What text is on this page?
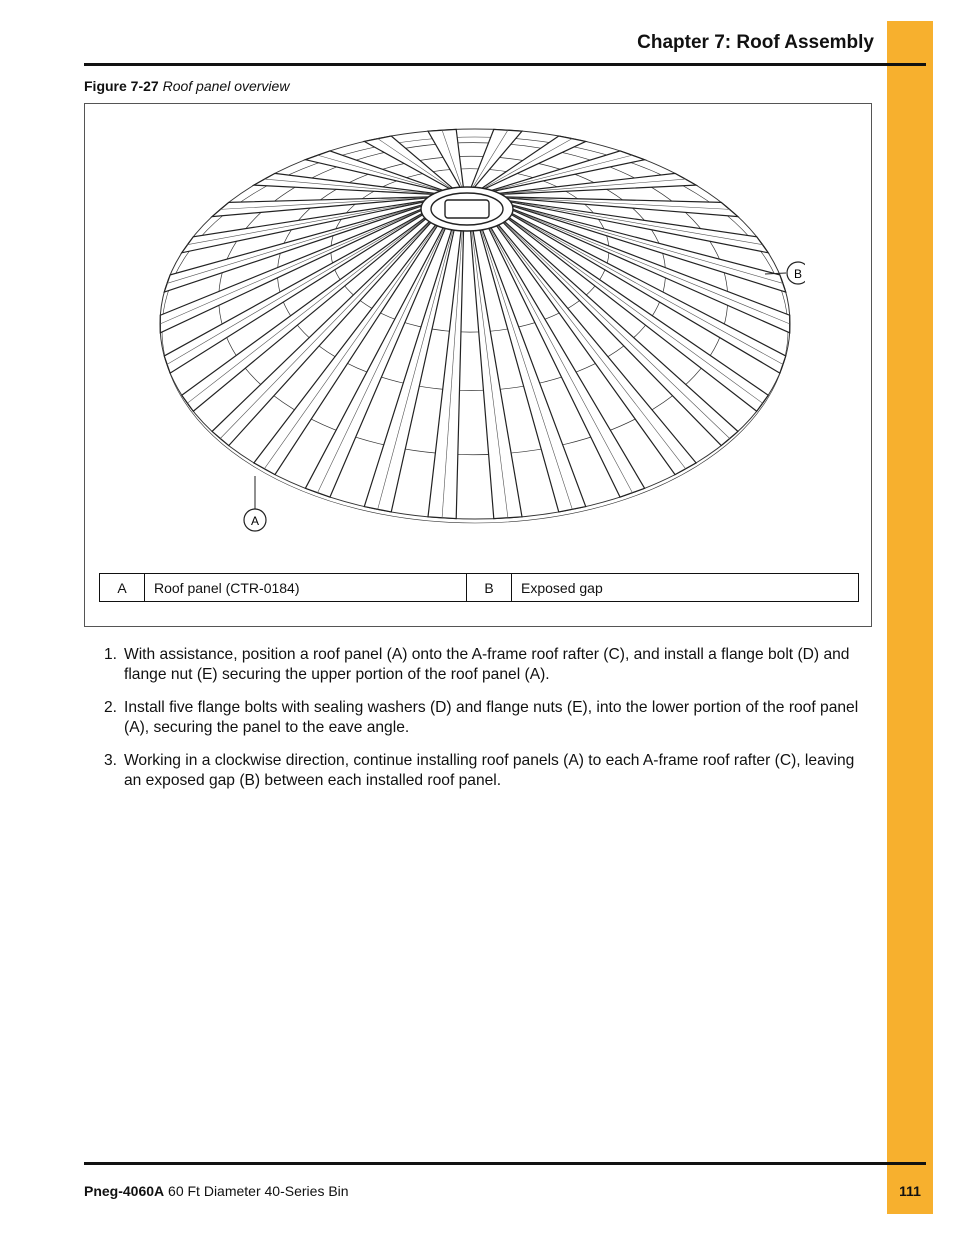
Chapter 7: Roof Assembly
Figure 7-27 Roof panel overview
A
B
A	Roof panel (CTR-0184)	B	Exposed gap
1. With assistance, position a roof panel (A) onto the A-frame roof rafter (C), and install a flange bolt (D) and flange nut (E) securing the upper portion of the roof panel (A).
2. Install five flange bolts with sealing washers (D) and flange nuts (E), into the lower portion of the roof panel (A), securing the panel to the eave angle.
3. Working in a clockwise direction, continue installing roof panels (A) to each A-frame roof rafter (C), leaving an exposed gap (B) between each installed roof panel.
Pneg-4060A 60 Ft Diameter 40-Series Bin	111
